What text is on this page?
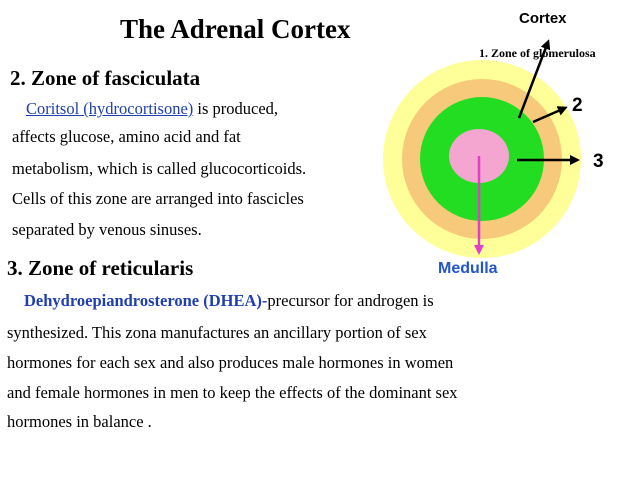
The Adrenal Cortex
2. Zone of fasciculata
Coritsol (hydrocortisone) is produced,
affects glucose, amino acid and fat
metabolism, which is called glucocorticoids.
Cells of this zone are arranged into fascicles
separated by venous sinuses.
3. Zone of reticularis
Dehydroepiandrosterone (DHEA)-precursor for androgen is
synthesized. This zona manufactures an ancillary portion of sex
hormones for each sex and also produces male hormones in women
and female hormones in men to keep the effects of the dominant sex
hormones in balance .
Cortex
1. Zone of glomerulosa
2
3
Medulla
